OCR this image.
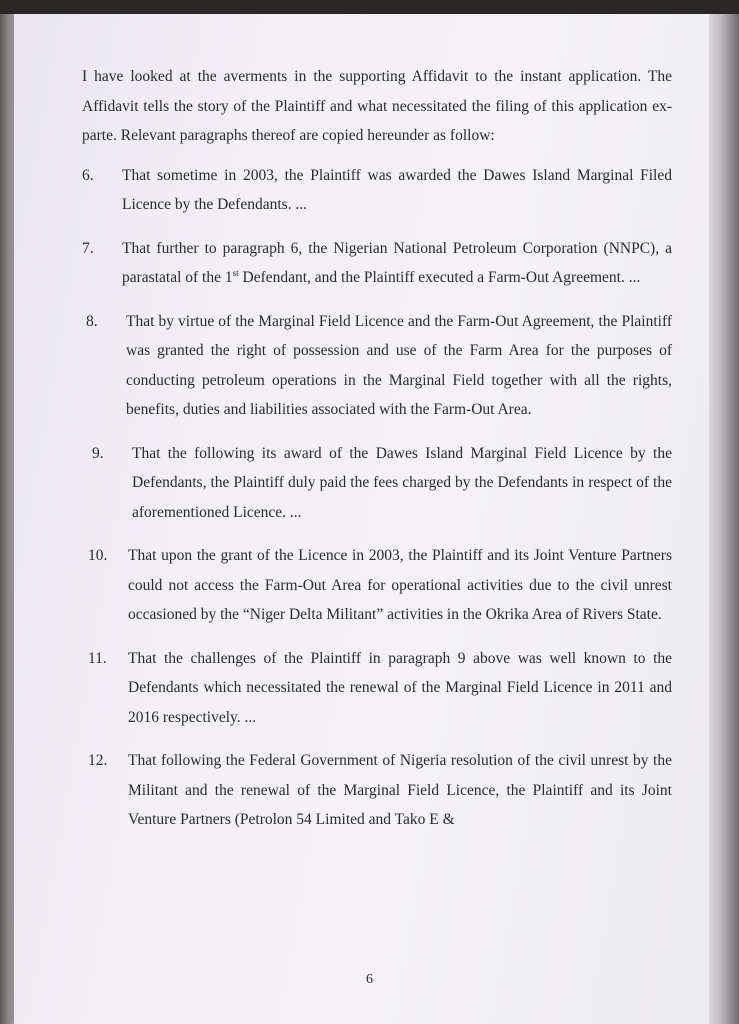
I have looked at the averments in the supporting Affidavit to the instant application. The Affidavit tells the story of the Plaintiff and what necessitated the filing of this application ex-parte. Relevant paragraphs thereof are copied hereunder as follow:

6.	That sometime in 2003, the Plaintiff was awarded the Dawes Island Marginal Filed Licence by the Defendants. ...
7.	That further to paragraph 6, the Nigerian National Petroleum Corporation (NNPC), a parastatal of the 1st Defendant, and the Plaintiff executed a Farm-Out Agreement. ...
8.	That by virtue of the Marginal Field Licence and the Farm-Out Agreement, the Plaintiff was granted the right of possession and use of the Farm Area for the purposes of conducting petroleum operations in the Marginal Field together with all the rights, benefits, duties and liabilities associated with the Farm-Out Area.
9.	That the following its award of the Dawes Island Marginal Field Licence by the Defendants, the Plaintiff duly paid the fees charged by the Defendants in respect of the aforementioned Licence. ...
10.	That upon the grant of the Licence in 2003, the Plaintiff and its Joint Venture Partners could not access the Farm-Out Area for operational activities due to the civil unrest occasioned by the “Niger Delta Militant” activities in the Okrika Area of Rivers State.
11.	That the challenges of the Plaintiff in paragraph 9 above was well known to the Defendants which necessitated the renewal of the Marginal Field Licence in 2011 and 2016 respectively. ...
12.	That following the Federal Government of Nigeria resolution of the civil unrest by the Militant and the renewal of the Marginal Field Licence, the Plaintiff and its Joint Venture Partners (Petrolon 54 Limited and Tako E &
6
